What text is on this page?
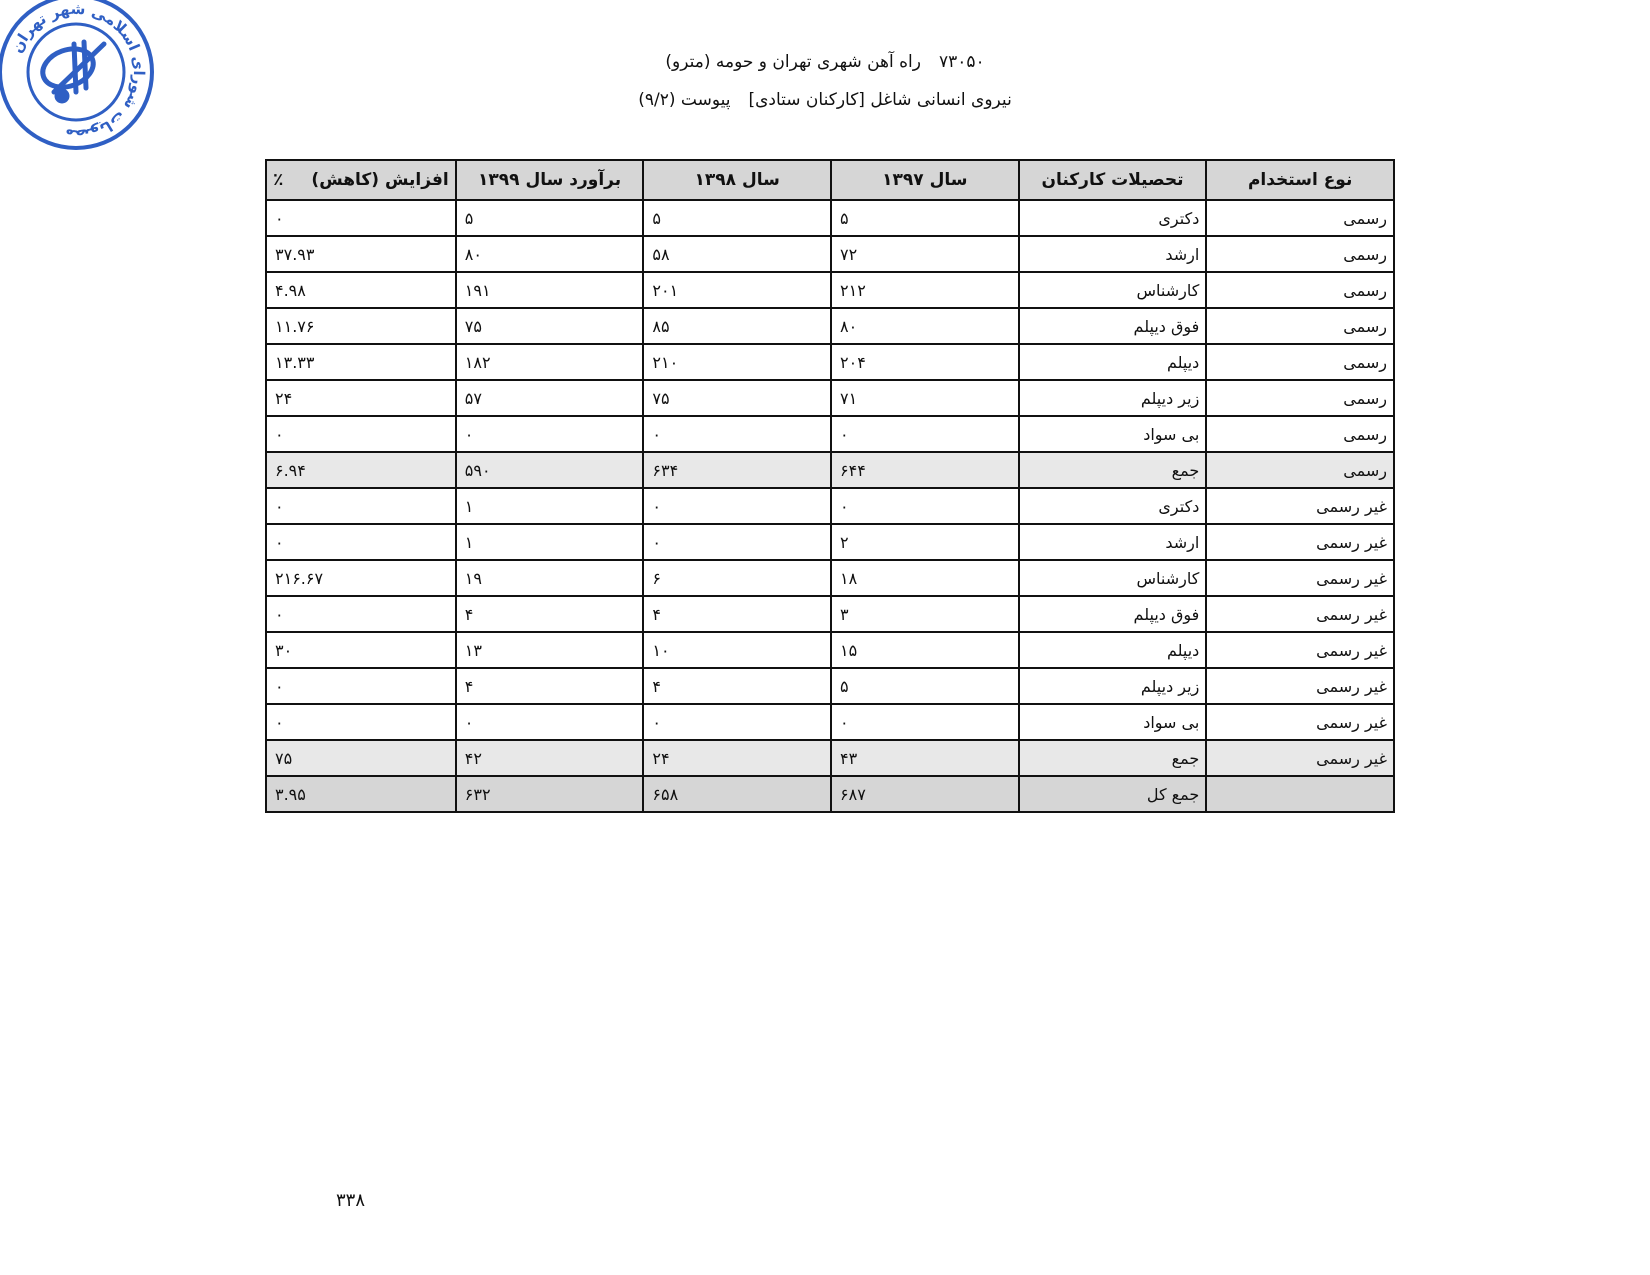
مصوبات شورای اسلامی شهر تهران
راه آهن شهری تهران و حومه (مترو) ۷۳۰۵۰
پیوست (۹/۲) نیروی انسانی شاغل [کارکنان ستادی]
نوع استخدام	تحصیلات کارکنان	سال ۱۳۹۷	سال ۱۳۹۸	برآورد سال ۱۳۹۹	افزایش (کاهش)
٪

رسمی	دکتری	۵	۵	۵	۰
رسمی	ارشد	۷۲	۵۸	۸۰	۳۷.۹۳
رسمی	کارشناس	۲۱۲	۲۰۱	۱۹۱	۴.۹۸
رسمی	فوق دیپلم	۸۰	۸۵	۷۵	۱۱.۷۶
رسمی	دیپلم	۲۰۴	۲۱۰	۱۸۲	۱۳.۳۳
رسمی	زیر دیپلم	۷۱	۷۵	۵۷	۲۴
رسمی	بی سواد	۰	۰	۰	۰
رسمی	جمع	۶۴۴	۶۳۴	۵۹۰	۶.۹۴
غیر رسمی	دکتری	۰	۰	۱	۰
غیر رسمی	ارشد	۲	۰	۱	۰
غیر رسمی	کارشناس	۱۸	۶	۱۹	۲۱۶.۶۷
غیر رسمی	فوق دیپلم	۳	۴	۴	۰
غیر رسمی	دیپلم	۱۵	۱۰	۱۳	۳۰
غیر رسمی	زیر دیپلم	۵	۴	۴	۰
غیر رسمی	بی سواد	۰	۰	۰	۰
غیر رسمی	جمع	۴۳	۲۴	۴۲	۷۵
	جمع کل	۶۸۷	۶۵۸	۶۳۲	۳.۹۵
۳۳۸
